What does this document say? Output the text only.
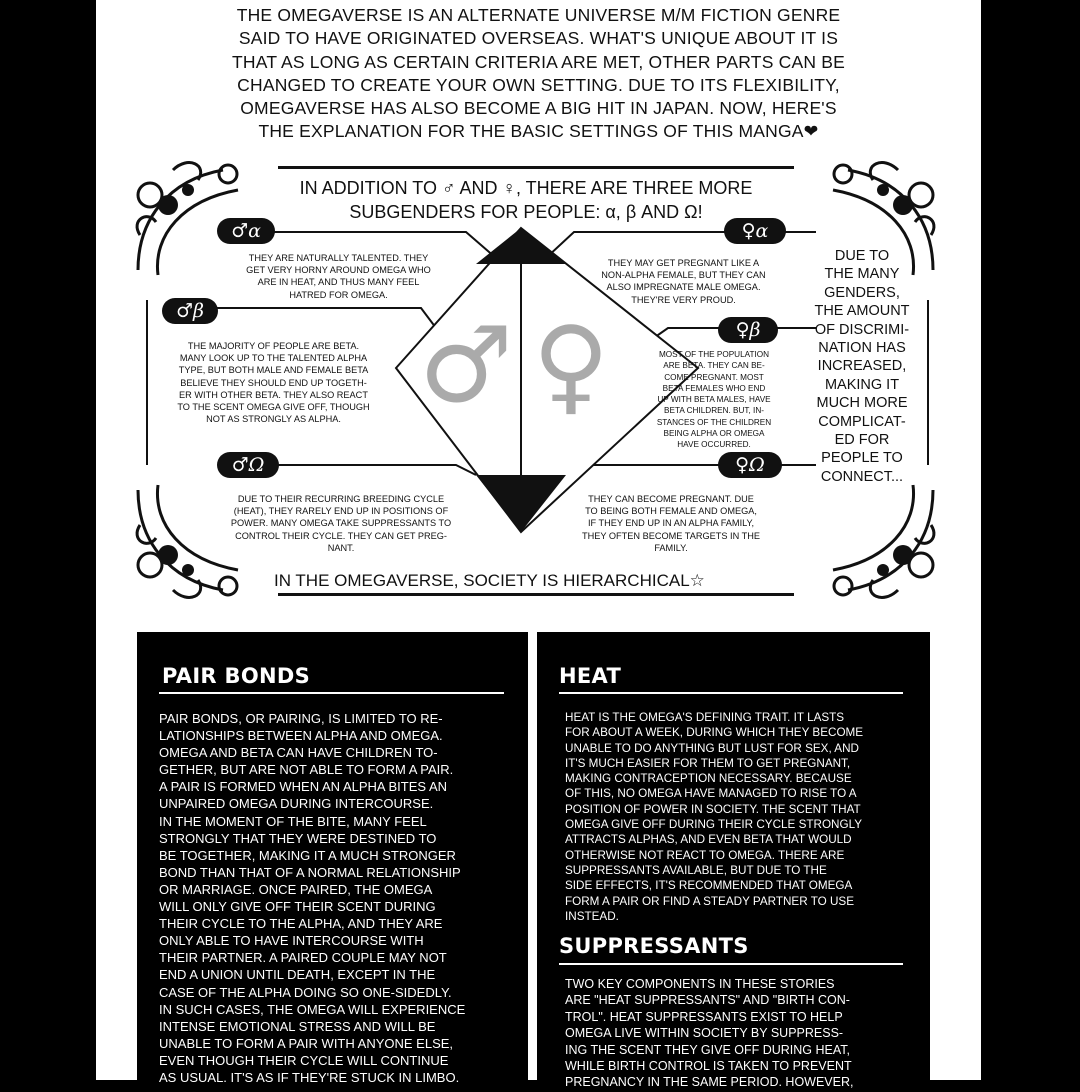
THE OMEGAVERSE IS AN ALTERNATE UNIVERSE M/M FICTION GENRE
SAID TO HAVE ORIGINATED OVERSEAS. WHAT'S UNIQUE ABOUT IT IS
THAT AS LONG AS CERTAIN CRITERIA ARE MET, OTHER PARTS CAN BE
CHANGED TO CREATE YOUR OWN SETTING. DUE TO ITS FLEXIBILITY,
OMEGAVERSE HAS ALSO BECOME A BIG HIT IN JAPAN. NOW, HERE'S
THE EXPLANATION FOR THE BASIC SETTINGS OF THIS MANGA❤
IN ADDITION TO ♂ AND ♀, THERE ARE THREE MORE
SUBGENDERS FOR PEOPLE: α, β AND Ω!
♂ ♀
♂α	♀α
♂β
♀β
♂Ω	♀Ω
THEY ARE NATURALLY TALENTED. THEY
GET VERY HORNY AROUND OMEGA WHO
ARE IN HEAT, AND THUS MANY FEEL
HATRED FOR OMEGA.
THEY MAY GET PREGNANT LIKE A
NON-ALPHA FEMALE, BUT THEY CAN
ALSO IMPREGNATE MALE OMEGA.
THEY'RE VERY PROUD.
THE MAJORITY OF PEOPLE ARE BETA.
MANY LOOK UP TO THE TALENTED ALPHA
TYPE, BUT BOTH MALE AND FEMALE BETA
BELIEVE THEY SHOULD END UP TOGETH-
ER WITH OTHER BETA. THEY ALSO REACT
TO THE SCENT OMEGA GIVE OFF, THOUGH
NOT AS STRONGLY AS ALPHA.
MOST OF THE POPULATION
ARE BETA. THEY CAN BE-
COME PREGNANT. MOST
BETA FEMALES WHO END
UP WITH BETA MALES, HAVE
BETA CHILDREN. BUT, IN-
STANCES OF THE CHILDREN
BEING ALPHA OR OMEGA
HAVE OCCURRED.
DUE TO THEIR RECURRING BREEDING CYCLE
(HEAT), THEY RARELY END UP IN POSITIONS OF
POWER. MANY OMEGA TAKE SUPPRESSANTS TO
CONTROL THEIR CYCLE. THEY CAN GET PREG-
NANT.
THEY CAN BECOME PREGNANT. DUE
TO BEING BOTH FEMALE AND OMEGA,
IF THEY END UP IN AN ALPHA FAMILY,
THEY OFTEN BECOME TARGETS IN THE
FAMILY.
DUE TO
THE MANY
GENDERS,
THE AMOUNT
OF DISCRIMI-
NATION HAS
INCREASED,
MAKING IT
MUCH MORE
COMPLICAT-
ED FOR
PEOPLE TO
CONNECT...
IN THE OMEGAVERSE, SOCIETY IS HIERARCHICAL☆
PAIR BONDS
PAIR BONDS, OR PAIRING, IS LIMITED TO RE-
LATIONSHIPS BETWEEN ALPHA AND OMEGA.
OMEGA AND BETA CAN HAVE CHILDREN TO-
GETHER, BUT ARE NOT ABLE TO FORM A PAIR.
A PAIR IS FORMED WHEN AN ALPHA BITES AN
UNPAIRED OMEGA DURING INTERCOURSE.
IN THE MOMENT OF THE BITE, MANY FEEL
STRONGLY THAT THEY WERE DESTINED TO
BE TOGETHER, MAKING IT A MUCH STRONGER
BOND THAN THAT OF A NORMAL RELATIONSHIP
OR MARRIAGE. ONCE PAIRED, THE OMEGA
WILL ONLY GIVE OFF THEIR SCENT DURING
THEIR CYCLE TO THE ALPHA, AND THEY ARE
ONLY ABLE TO HAVE INTERCOURSE WITH
THEIR PARTNER. A PAIRED COUPLE MAY NOT
END A UNION UNTIL DEATH, EXCEPT IN THE
CASE OF THE ALPHA DOING SO ONE-SIDEDLY.
IN SUCH CASES, THE OMEGA WILL EXPERIENCE
INTENSE EMOTIONAL STRESS AND WILL BE
UNABLE TO FORM A PAIR WITH ANYONE ELSE,
EVEN THOUGH THEIR CYCLE WILL CONTINUE
AS USUAL. IT'S AS IF THEY'RE STUCK IN LIMBO.
HEAT
HEAT IS THE OMEGA'S DEFINING TRAIT. IT LASTS
FOR ABOUT A WEEK, DURING WHICH THEY BECOME
UNABLE TO DO ANYTHING BUT LUST FOR SEX, AND
IT'S MUCH EASIER FOR THEM TO GET PREGNANT,
MAKING CONTRACEPTION NECESSARY. BECAUSE
OF THIS, NO OMEGA HAVE MANAGED TO RISE TO A
POSITION OF POWER IN SOCIETY. THE SCENT THAT
OMEGA GIVE OFF DURING THEIR CYCLE STRONGLY
ATTRACTS ALPHAS, AND EVEN BETA THAT WOULD
OTHERWISE NOT REACT TO OMEGA. THERE ARE
SUPPRESSANTS AVAILABLE, BUT DUE TO THE
SIDE EFFECTS, IT'S RECOMMENDED THAT OMEGA
FORM A PAIR OR FIND A STEADY PARTNER TO USE
INSTEAD.
SUPPRESSANTS
TWO KEY COMPONENTS IN THESE STORIES
ARE "HEAT SUPPRESSANTS" AND "BIRTH CON-
TROL". HEAT SUPPRESSANTS EXIST TO HELP
OMEGA LIVE WITHIN SOCIETY BY SUPPRESS-
ING THE SCENT THEY GIVE OFF DURING HEAT,
WHILE BIRTH CONTROL IS TAKEN TO PREVENT
PREGNANCY IN THE SAME PERIOD. HOWEVER,
